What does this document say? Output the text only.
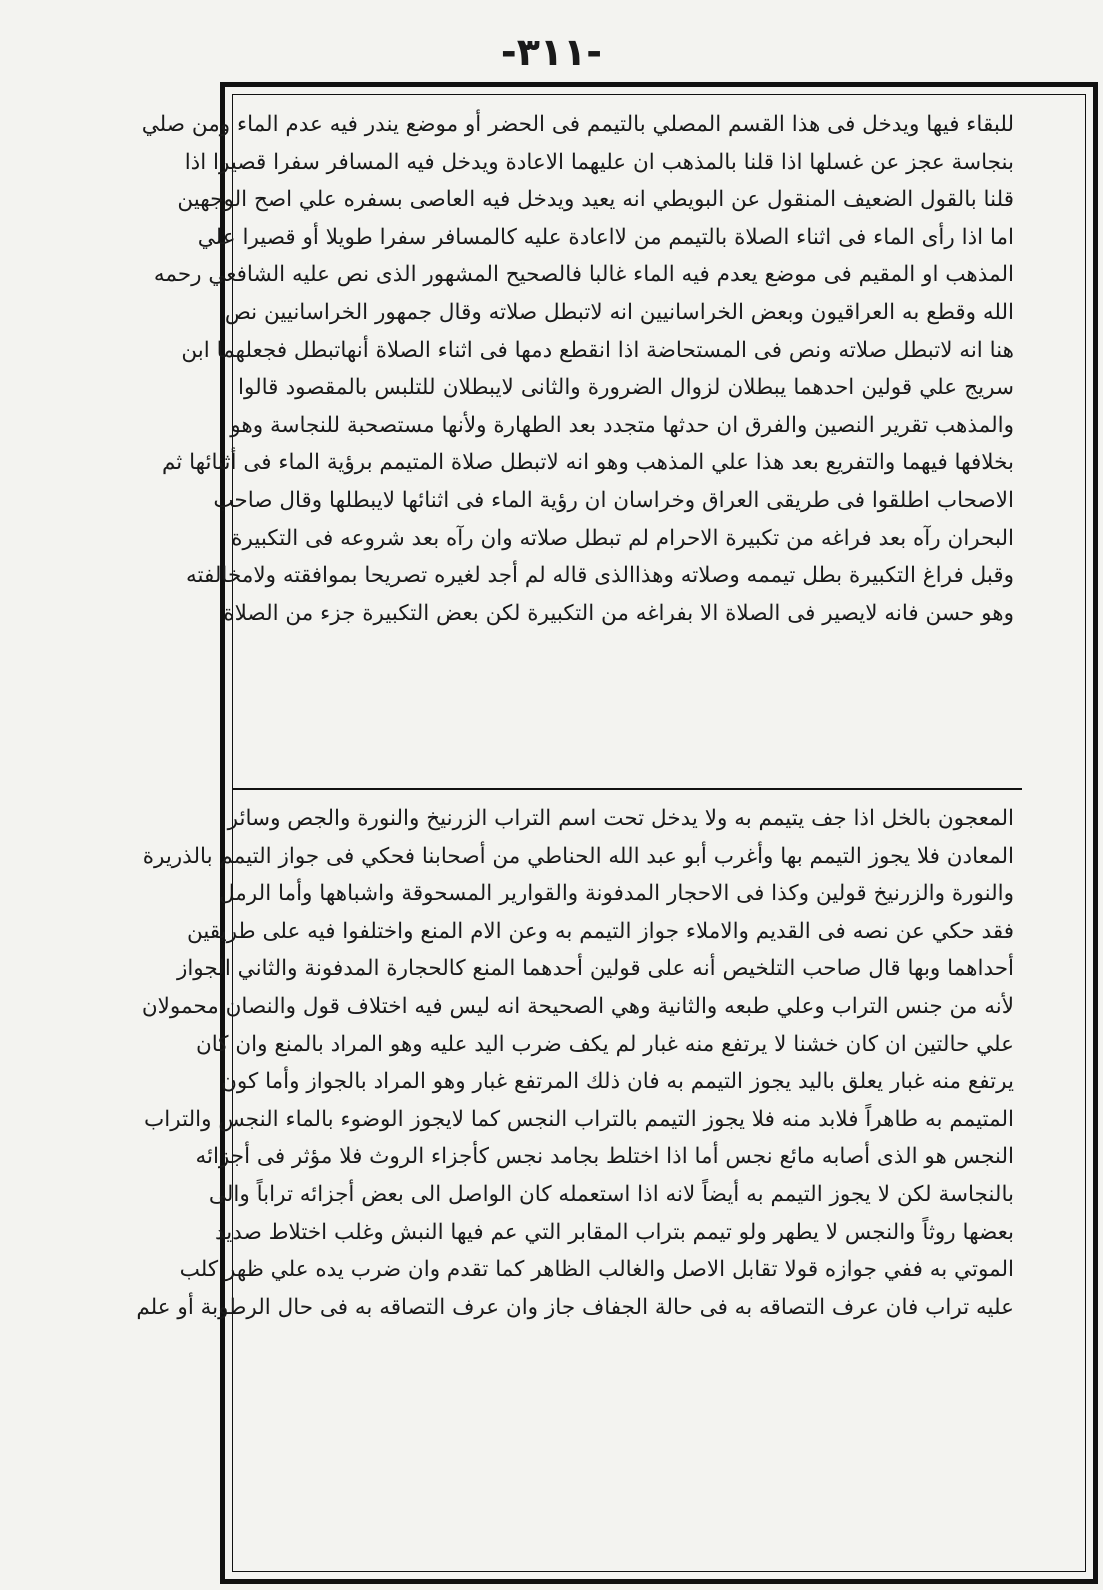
-٣١١-
للبقاء فيها ويدخل فى هذا القسم المصلي بالتيمم فى الحضر أو موضع يندر فيه عدم الماء ومن صلي
بنجاسة عجز عن غسلها اذا قلنا بالمذهب ان عليهما الاعادة ويدخل فيه المسافر سفرا قصيرا اذا
قلنا بالقول الضعيف المنقول عن البويطي انه يعيد ويدخل فيه العاصى بسفره علي اصح الوجهين
اما اذا رأى الماء فى اثناء الصلاة بالتيمم من لااعادة عليه كالمسافر سفرا طويلا أو قصيرا علي
المذهب او المقيم فى موضع يعدم فيه الماء غالبا فالصحيح المشهور الذى نص عليه الشافعي رحمه
الله وقطع به العراقيون وبعض الخراسانيين انه لاتبطل صلاته وقال جمهور الخراسانيين نص
هنا انه لاتبطل صلاته ونص فى المستحاضة اذا انقطع دمها فى اثناء الصلاة أنهاتبطل فجعلهما ابن
سريج علي قولين احدهما يبطلان لزوال الضرورة والثانى لايبطلان للتلبس بالمقصود قالوا
والمذهب تقرير النصين والفرق ان حدثها متجدد بعد الطهارة ولأنها مستصحبة للنجاسة وهو
بخلافها فيهما والتفريع بعد هذا علي المذهب وهو انه لاتبطل صلاة المتيمم برؤية الماء فى أثنائها ثم
الاصحاب اطلقوا فى طريقى العراق وخراسان ان رؤية الماء فى اثنائها لايبطلها وقال صاحب
البحران رآه بعد فراغه من تكبيرة الاحرام لم تبطل صلاته وان رآه بعد شروعه فى التكبيرة
وقبل فراغ التكبيرة بطل تيممه وصلاته وهذاالذى قاله لم أجد لغيره تصريحا بموافقته ولامخالفته
وهو حسن فانه لايصير فى الصلاة الا بفراغه من التكبيرة لكن بعض التكبيرة جزء من الصلاة
المعجون بالخل اذا جف يتيمم به ولا يدخل تحت اسم التراب الزرنيخ والنورة والجص وسائر
المعادن فلا يجوز التيمم بها وأغرب أبو عبد الله الحناطي من أصحابنا فحكي فى جواز التيمم بالذريرة
والنورة والزرنيخ قولين وكذا فى الاحجار المدفونة والقوارير المسحوقة واشباهها وأما الرمل
فقد حكي عن نصه فى القديم والاملاء جواز التيمم به وعن الام المنع واختلفوا فيه على طريقين
أحداهما وبها قال صاحب التلخيص أنه على قولين أحدهما المنع كالحجارة المدفونة والثاني الجواز
لأنه من جنس التراب وعلي طبعه والثانية وهي الصحيحة انه ليس فيه اختلاف قول والنصان محمولان
علي حالتين ان كان خشنا لا يرتفع منه غبار لم يكف ضرب اليد عليه وهو المراد بالمنع وان كان
يرتفع منه غبار يعلق باليد يجوز التيمم به فان ذلك المرتفع غبار وهو المراد بالجواز وأما كون
المتيمم به طاهراً فلابد منه فلا يجوز التيمم بالتراب النجس كما لايجوز الوضوء بالماء النجس والتراب
النجس هو الذى أصابه مائع نجس أما اذا اختلط بجامد نجس كأجزاء الروث فلا مؤثر فى أجزائه
بالنجاسة لكن لا يجوز التيمم به أيضاً لانه اذا استعمله كان الواصل الى بعض أجزائه تراباً والى
بعضها روثاً والنجس لا يطهر ولو تيمم بتراب المقابر التي عم فيها النبش وغلب اختلاط صديد
الموتي به ففي جوازه قولا تقابل الاصل والغالب الظاهر كما تقدم وان ضرب يده علي ظهر كلب
عليه تراب فان عرف التصاقه به فى حالة الجفاف جاز وان عرف التصاقه به فى حال الرطوبة أو علم
